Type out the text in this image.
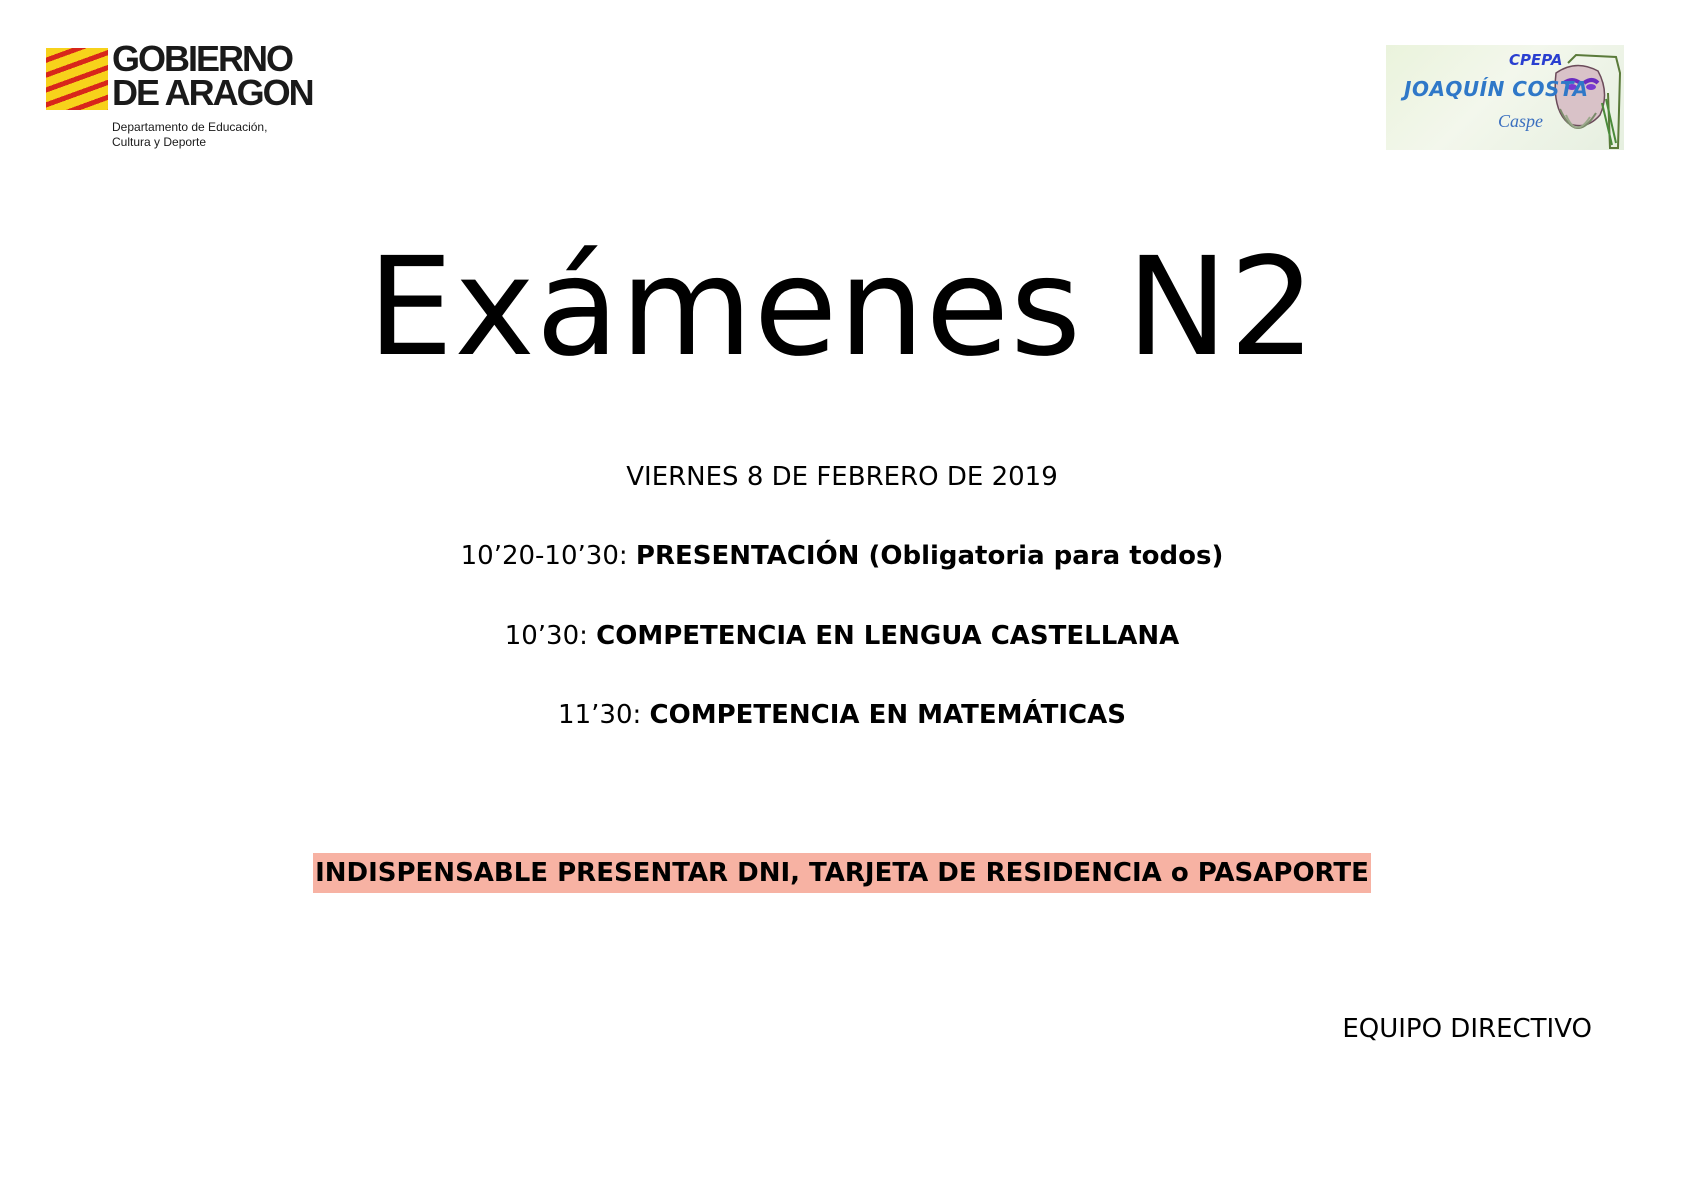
GOBIERNO
DE ARAGON
Departamento de Educación,
Cultura y Deporte
CPEPA
JOAQUÍN COSTA
Caspe
Exámenes N2
VIERNES 8 DE FEBRERO DE 2019
10’20-10’30: PRESENTACIÓN (Obligatoria para todos)
10’30: COMPETENCIA EN LENGUA CASTELLANA
11’30: COMPETENCIA EN MATEMÁTICAS
INDISPENSABLE PRESENTAR DNI, TARJETA DE RESIDENCIA o PASAPORTE
EQUIPO DIRECTIVO
